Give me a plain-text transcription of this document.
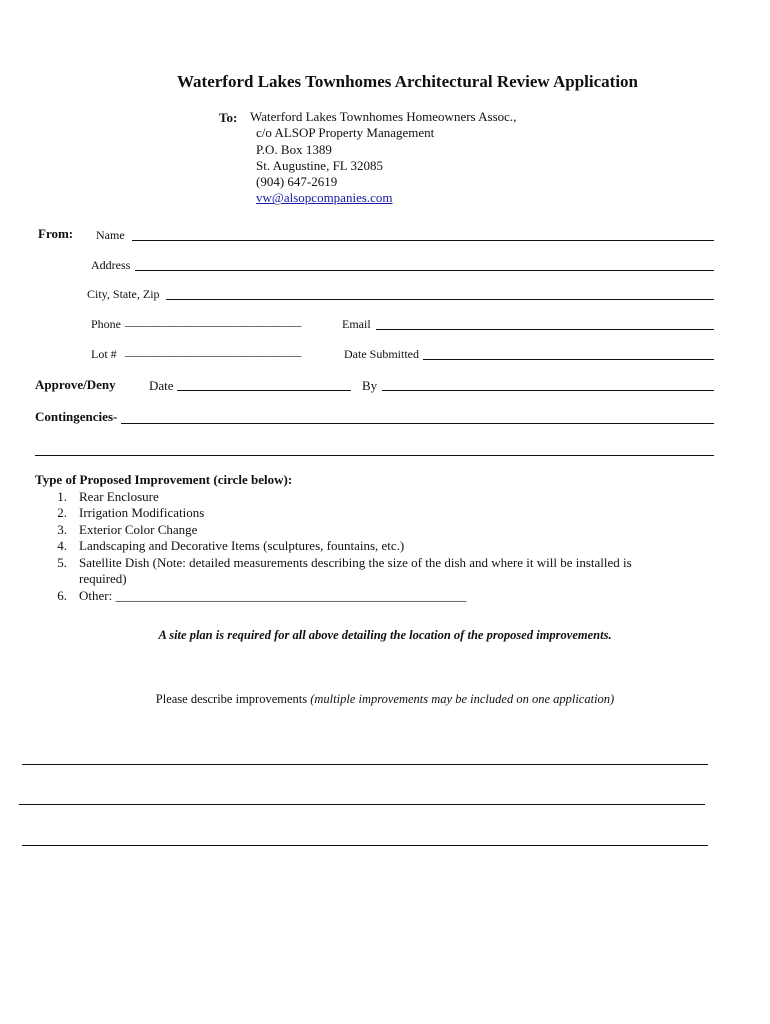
Waterford Lakes Townhomes Architectural Review Application
To: Waterford Lakes Townhomes Homeowners Assoc.,
c/o ALSOP Property Management
P.O. Box 1389
St. Augustine, FL 32085
(904) 647-2619
vw@alsopcompanies.com
From: Name
Address
City, State, Zip
Phone ________________________________	Email
Lot # ________________________________	Date Submitted
Approve/Deny	Date	By
Contingencies-
Type of Proposed Improvement (circle below):
1. Rear Enclosure
2. Irrigation Modifications
3. Exterior Color Change
4. Landscaping and Decorative Items (sculptures, fountains, etc.)
5. Satellite Dish (Note: detailed measurements describing the size of the dish and where it will be installed is required)
6. Other: ______________________________________________________
A site plan is required for all above detailing the location of the proposed improvements.
Please describe improvements (multiple improvements may be included on one application)
